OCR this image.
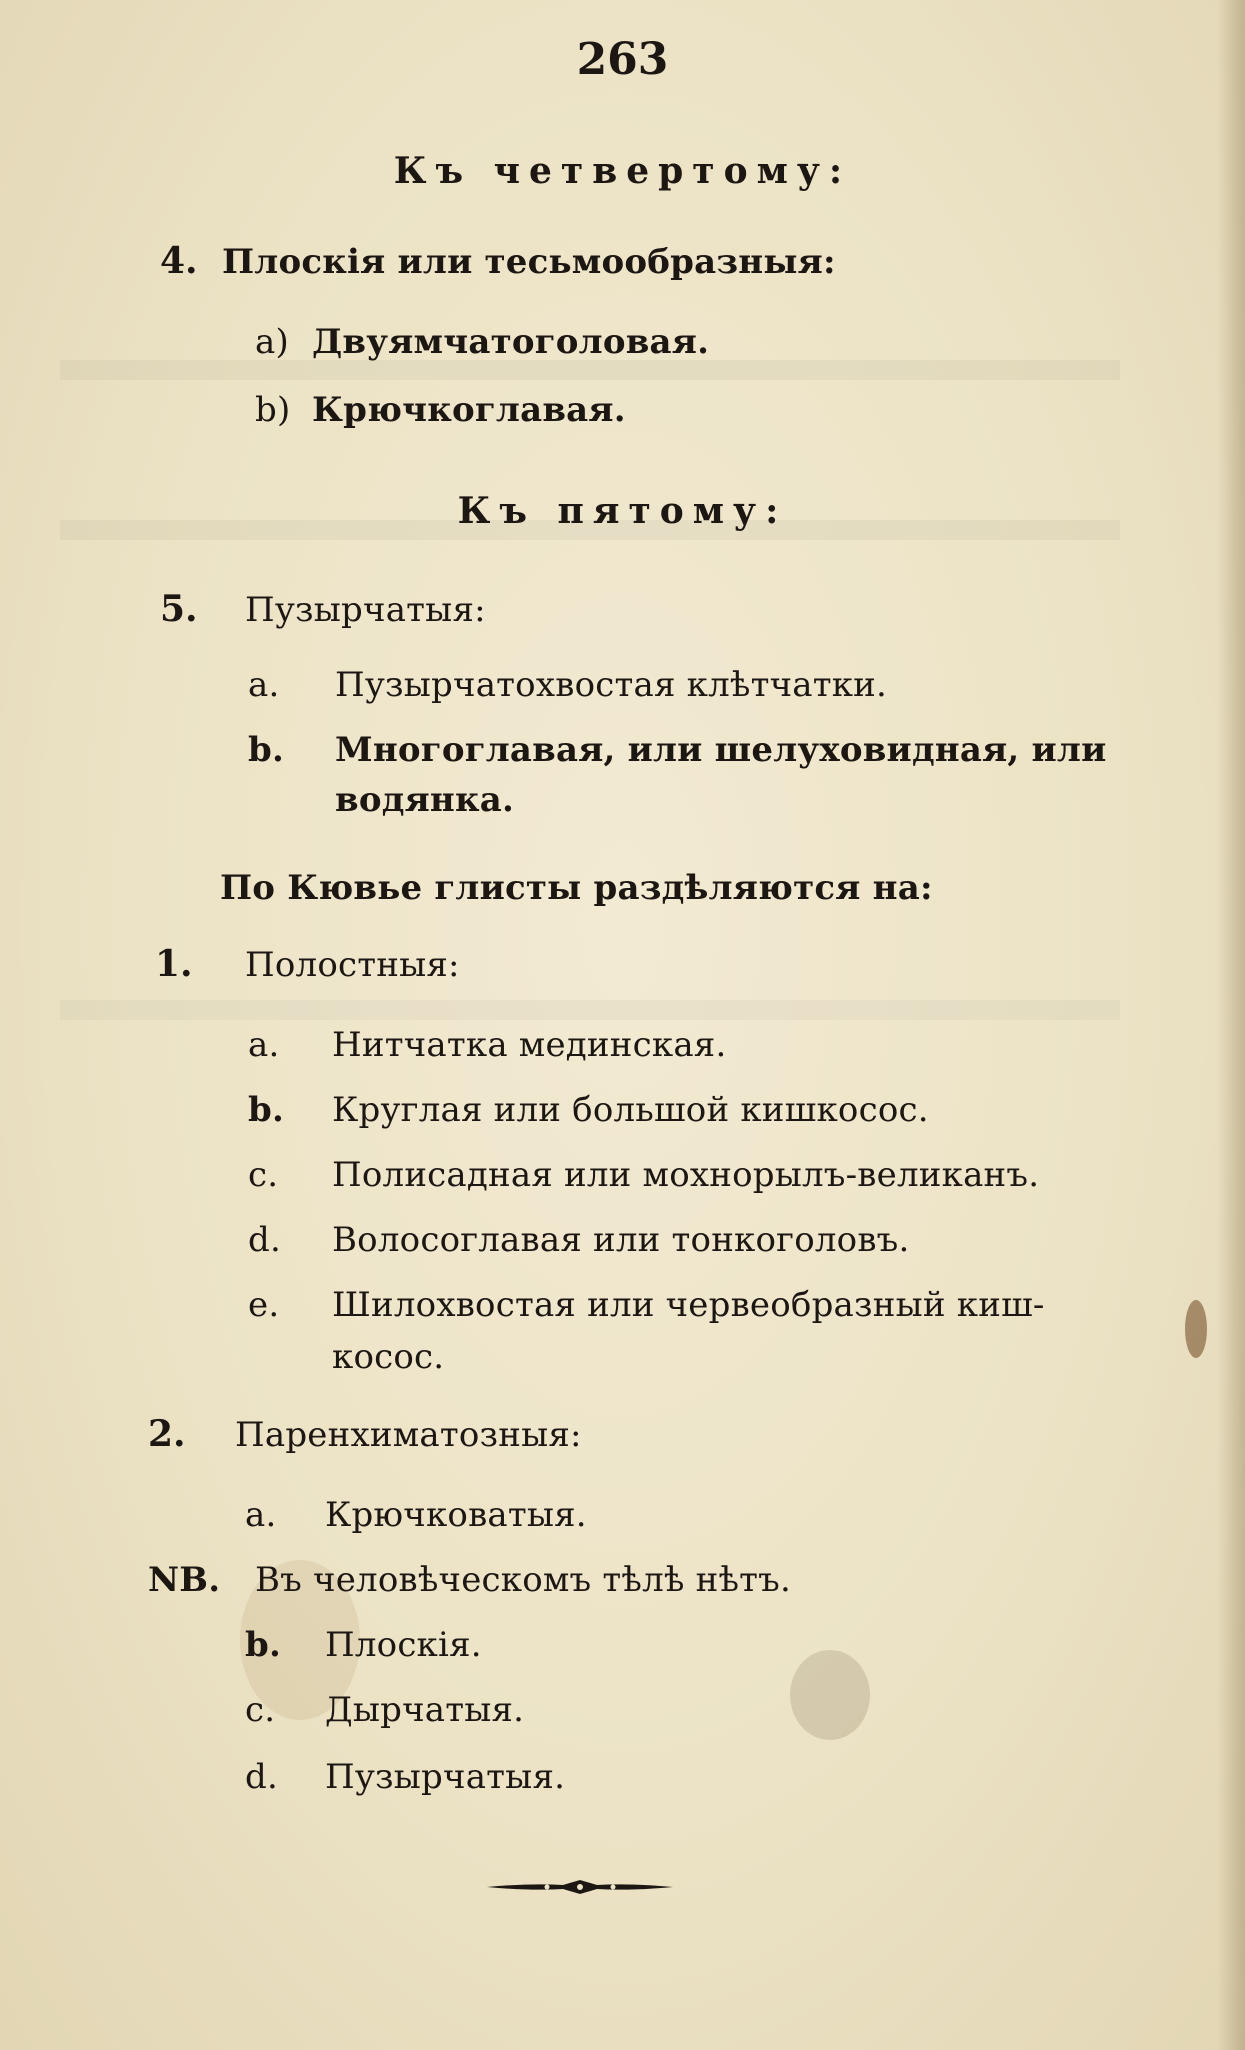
263
Къ четвертому:
4. Плоскія или тесьмообразныя:
a) Двуямчатоголовая.
b) Крючкоглавая.
Къ пятому:
5. Пузырчатыя:
a. Пузырчатохвостая клѣтчатки.
b. Многоглавая, или шелуховидная, или
водянка.
По Кювье глисты раздѣляются на:
1. Полостныя:
a. Нитчатка мединская.
b. Круглая или большой кишкосос.
c. Полисадная или мохнорылъ-великанъ.
d. Волосоглавая или тонкоголовъ.
e. Шилохвостая или червеобразный киш-
косос.
2. Паренхиматозныя:
a. Крючковатыя.
NB. Въ человѣческомъ тѣлѣ нѣтъ.
b. Плоскія.
c. Дырчатыя.
d. Пузырчатыя.
